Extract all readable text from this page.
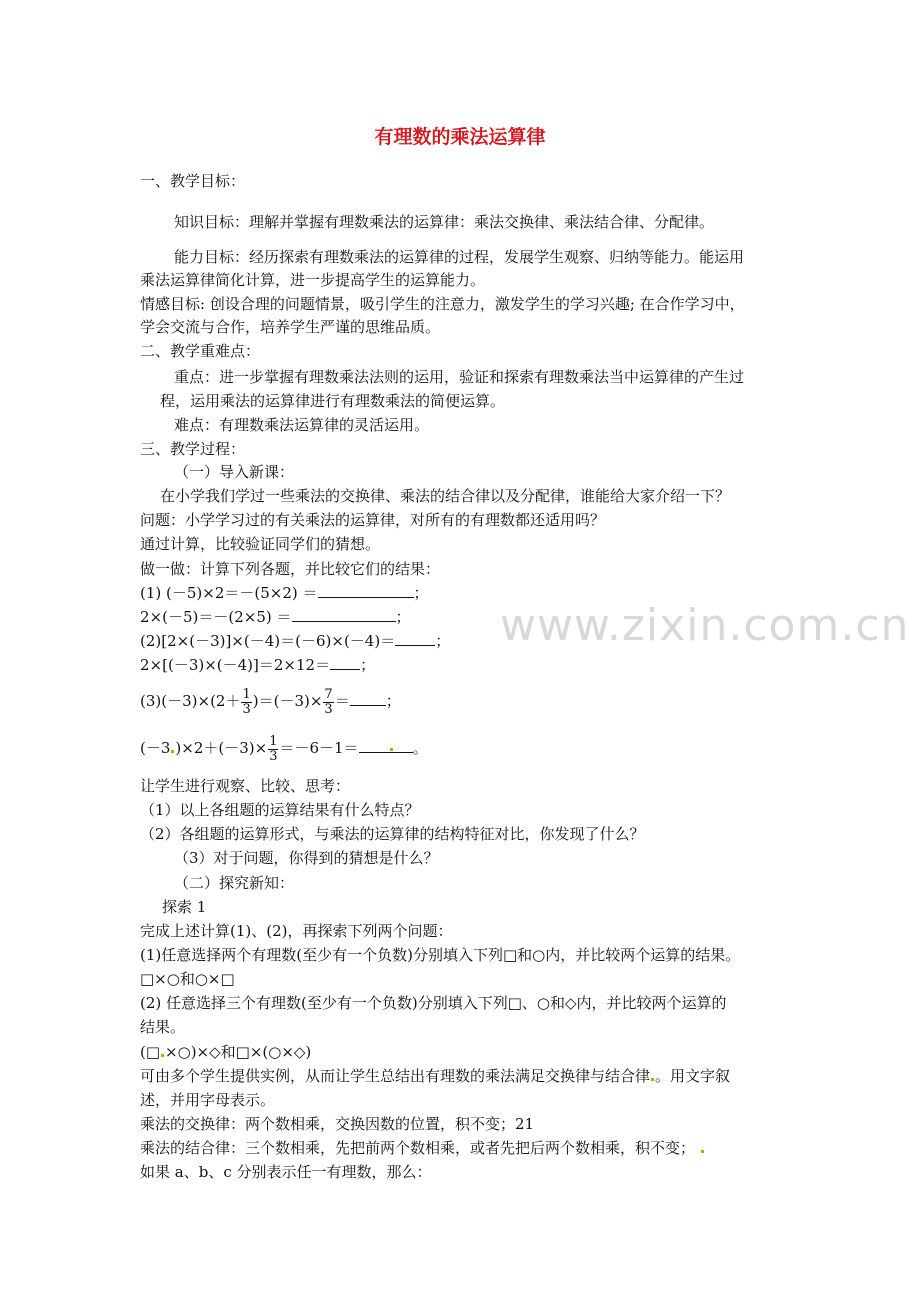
www.zixin.com.cn
有理数的乘法运算律
一、教学目标：
知识目标：理解并掌握有理数乘法的运算律：乘法交换律、乘法结合律、分配律。
能力目标：经历探索有理数乘法的运算律的过程，发展学生观察、归纳等能力。能运用
乘法运算律简化计算，进一步提高学生的运算能力。
情感目标: 创设合理的问题情景，吸引学生的注意力，激发学生的学习兴趣; 在合作学习中，
学会交流与合作，培养学生严谨的思维品质。
二、教学重难点：
重点：进一步掌握有理数乘法法则的运用，验证和探索有理数乘法当中运算律的产生过
程，运用乘法的运算律进行有理数乘法的简便运算。
难点：有理数乘法运算律的灵活运用。
三、教学过程：
（一）导入新课：
在小学我们学过一些乘法的交换律、乘法的结合律以及分配律，谁能给大家介绍一下？
问题：小学学习过的有关乘法的运算律，对所有的有理数都还适用吗？
通过计算，比较验证同学们的猜想。
做一做：计算下列各题，并比较它们的结果：
(1) (－5)×2＝－(5×2) ＝	；
2×(－5)＝－(2×5) ＝	；
(2)[2×(－3)]×(－4)＝(－6)×(－4)＝	；
2×[(－3)×(－4)]＝2×12＝ ；
$(3)(-3)\times(2+ \frac{1}{3} )=(-3)\times \frac{7}{3}$ ＝ ；
(－3 )$\times 2+(-3)\times \frac{1}{3} =-6-1=$	。
让学生进行观察、比较、思考：
（1）以上各组题的运算结果有什么特点？
（2）各组题的运算形式，与乘法的运算律的结构特征对比，你发现了什么？
（3）对于问题，你得到的猜想是什么？
（二）探究新知：
探索 1
完成上述计算(1)、(2)，再探索下列两个问题：
(1)任意选择两个有理数(至少有一个负数)分别填入下列□和○内，并比较两个运算的结果。
□×○和○×□
(2) 任意选择三个有理数(至少有一个负数)分别填入下列□、○和◇内，并比较两个运算的
结果。
(□ ×○)×◇和□×(○×◇)
可由多个学生提供实例，从而让学生总结出有理数的乘法满足交换律与结合律 。用文字叙
述，并用字母表示。
乘法的交换律：两个数相乘，交换因数的位置，积不变；21
乘法的结合律：三个数相乘，先把前两个数相乘，或者先把后两个数相乘，积不变；
如果 a、b、c 分别表示任一有理数，那么：
